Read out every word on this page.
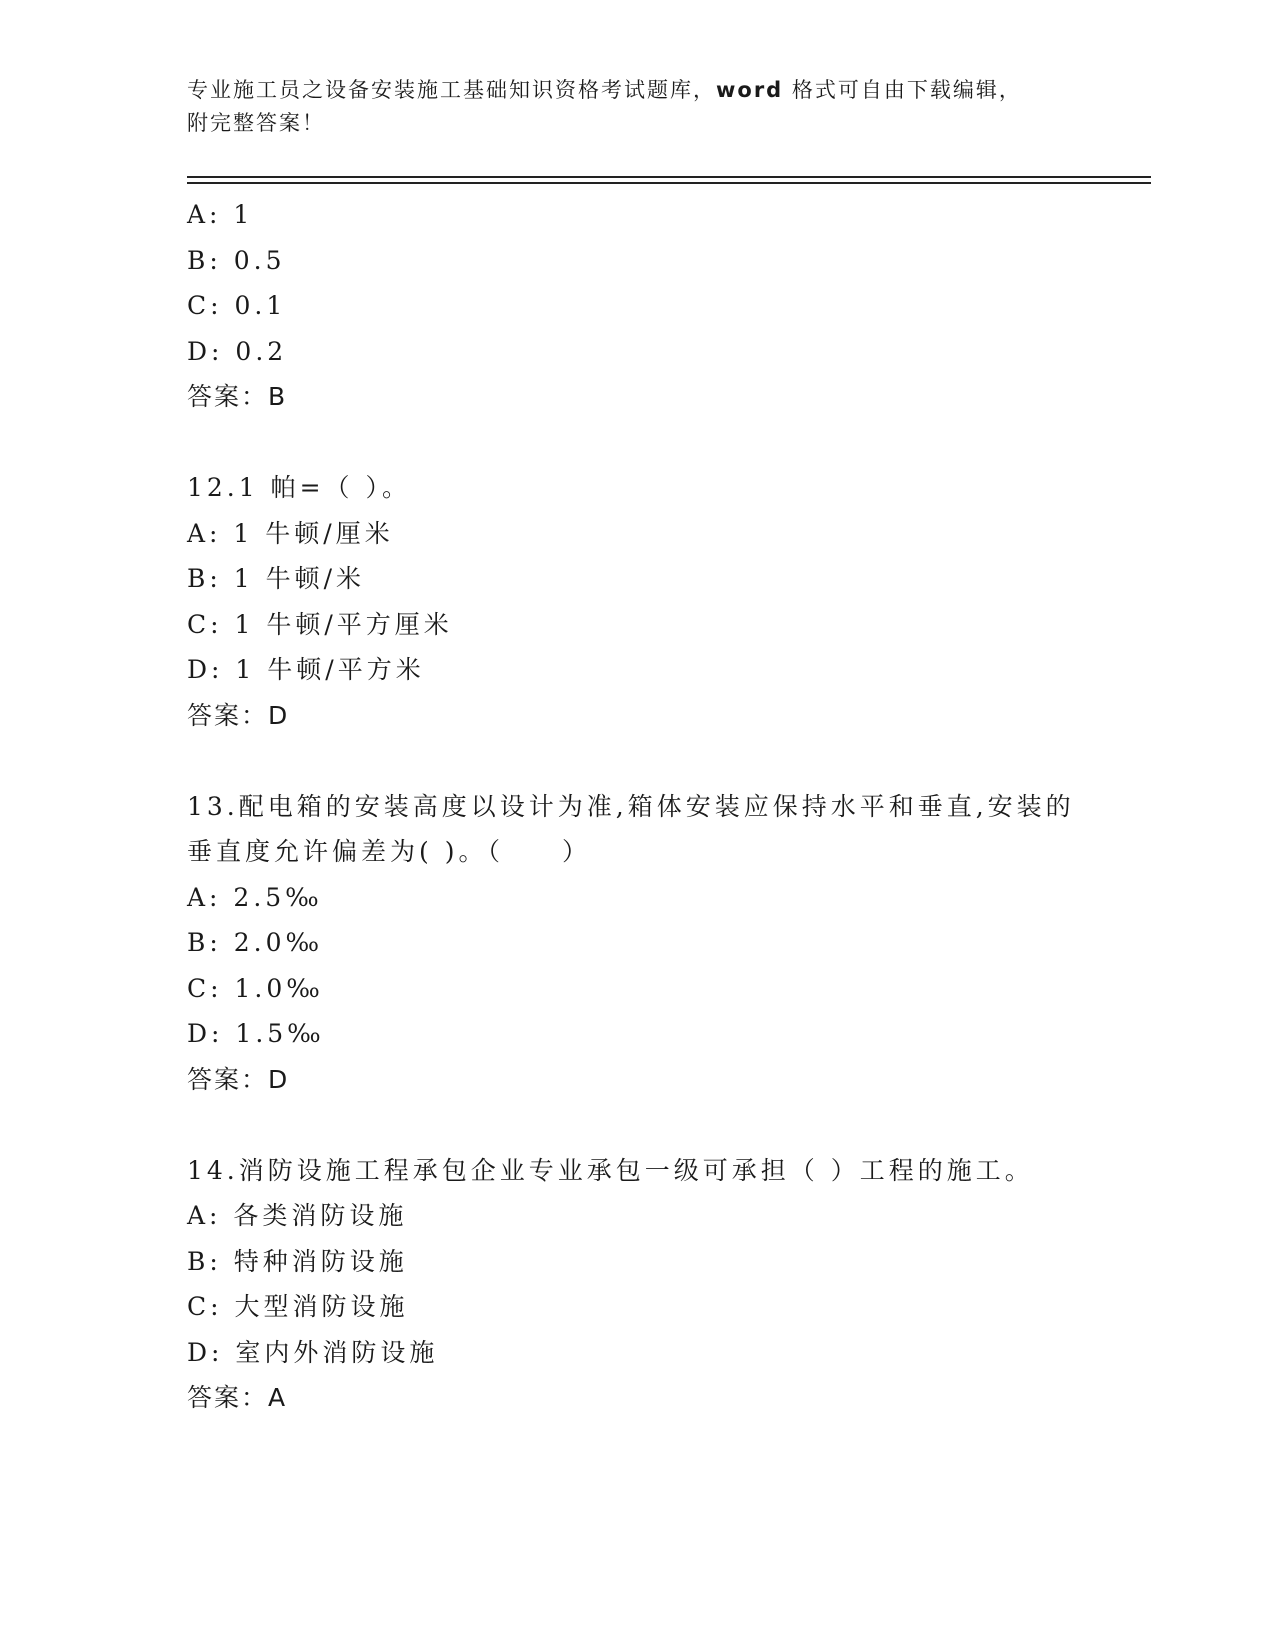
专业施工员之设备安装施工基础知识资格考试题库，word 格式可自由下载编辑，
附完整答案！
A: 1
B: 0.5
C: 0.1
D: 0.2
答案：B
12.1 帕=（ ）。
A: 1 牛顿/厘米
B: 1 牛顿/米
C: 1 牛顿/平方厘米
D: 1 牛顿/平方米
答案：D
13.配电箱的安装高度以设计为准,箱体安装应保持水平和垂直,安装的
垂直度允许偏差为( )。（　　）
A: 2.5‰
B: 2.0‰
C: 1.0‰
D: 1.5‰
答案：D
14.消防设施工程承包企业专业承包一级可承担（ ）工程的施工。
A: 各类消防设施
B: 特种消防设施
C: 大型消防设施
D: 室内外消防设施
答案：A
